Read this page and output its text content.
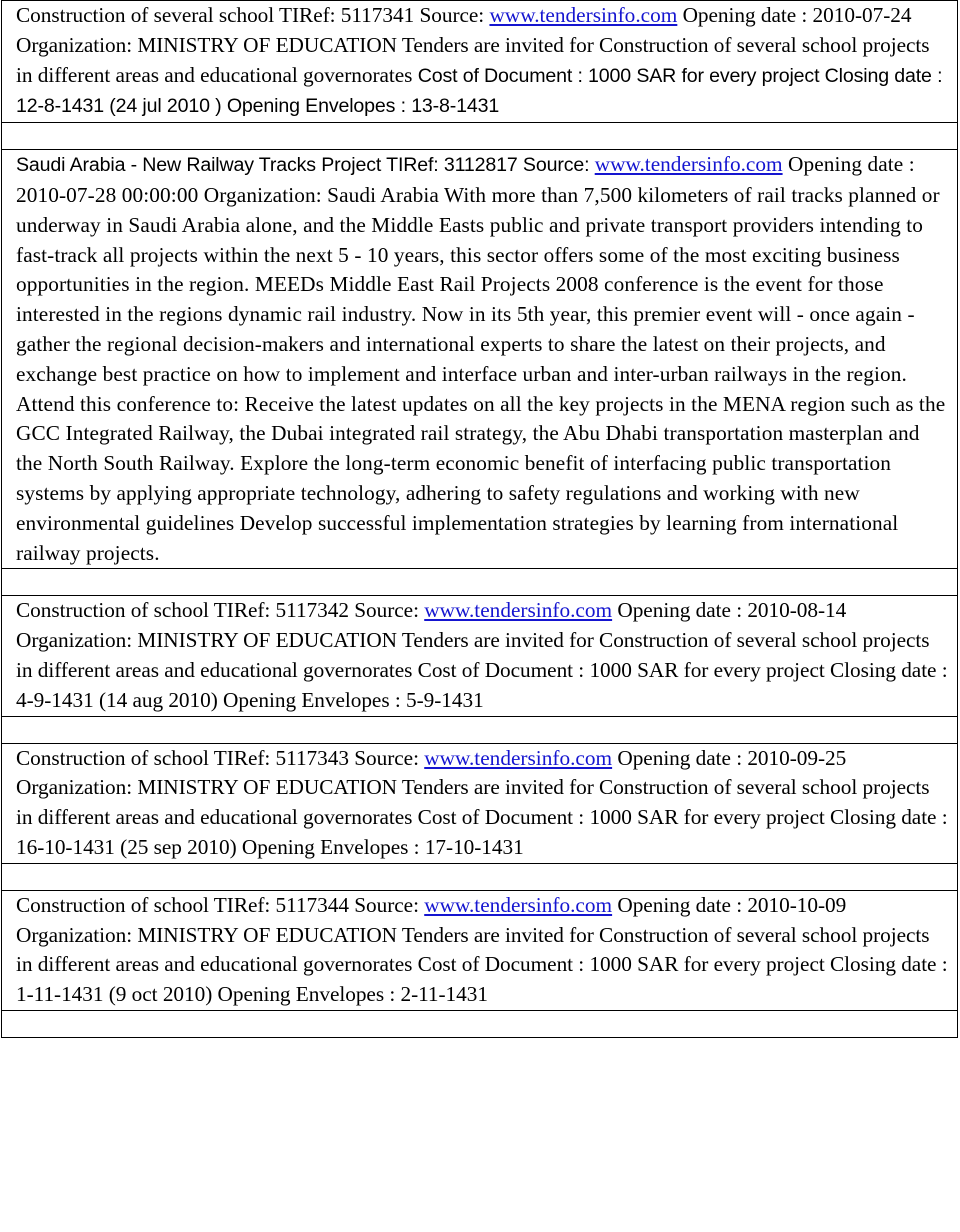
Construction of several school TIRef: 5117341 Source: www.tendersinfo.com Opening date : 2010-07-24 Organization: MINISTRY OF EDUCATION Tenders are invited for Construction of several school projects in different areas and educational governorates Cost of Document : 1000 SAR for every project Closing date : 12-8-1431 (24 jul 2010 ) Opening Envelopes : 13-8-1431

Saudi Arabia - New Railway Tracks Project TIRef: 3112817 Source: www.tendersinfo.com Opening date : 2010-07-28 00:00:00 Organization: Saudi Arabia With more than 7,500 kilometers of rail tracks planned or underway in Saudi Arabia alone, and the Middle Easts public and private transport providers intending to fast-track all projects within the next 5 - 10 years, this sector offers some of the most exciting business opportunities in the region. MEEDs Middle East Rail Projects 2008 conference is the event for those interested in the regions dynamic rail industry. Now in its 5th year, this premier event will - once again - gather the regional decision-makers and international experts to share the latest on their projects, and exchange best practice on how to implement and interface urban and inter-urban railways in the region. Attend this conference to: Receive the latest updates on all the key projects in the MENA region such as the GCC Integrated Railway, the Dubai integrated rail strategy, the Abu Dhabi transportation masterplan and the North South Railway. Explore the long-term economic benefit of interfacing public transportation systems by applying appropriate technology, adhering to safety regulations and working with new environmental guidelines Develop successful implementation strategies by learning from international railway projects.

Construction of school TIRef: 5117342 Source: www.tendersinfo.com Opening date : 2010-08-14 Organization: MINISTRY OF EDUCATION Tenders are invited for Construction of several school projects in different areas and educational governorates Cost of Document : 1000 SAR for every project Closing date : 4-9-1431 (14 aug 2010) Opening Envelopes : 5-9-1431

Construction of school TIRef: 5117343 Source: www.tendersinfo.com Opening date : 2010-09-25 Organization: MINISTRY OF EDUCATION Tenders are invited for Construction of several school projects in different areas and educational governorates Cost of Document : 1000 SAR for every project Closing date : 16-10-1431 (25 sep 2010) Opening Envelopes : 17-10-1431

Construction of school TIRef: 5117344 Source: www.tendersinfo.com Opening date : 2010-10-09 Organization: MINISTRY OF EDUCATION Tenders are invited for Construction of several school projects in different areas and educational governorates Cost of Document : 1000 SAR for every project Closing date : 1-11-1431 (9 oct 2010) Opening Envelopes : 2-11-1431
